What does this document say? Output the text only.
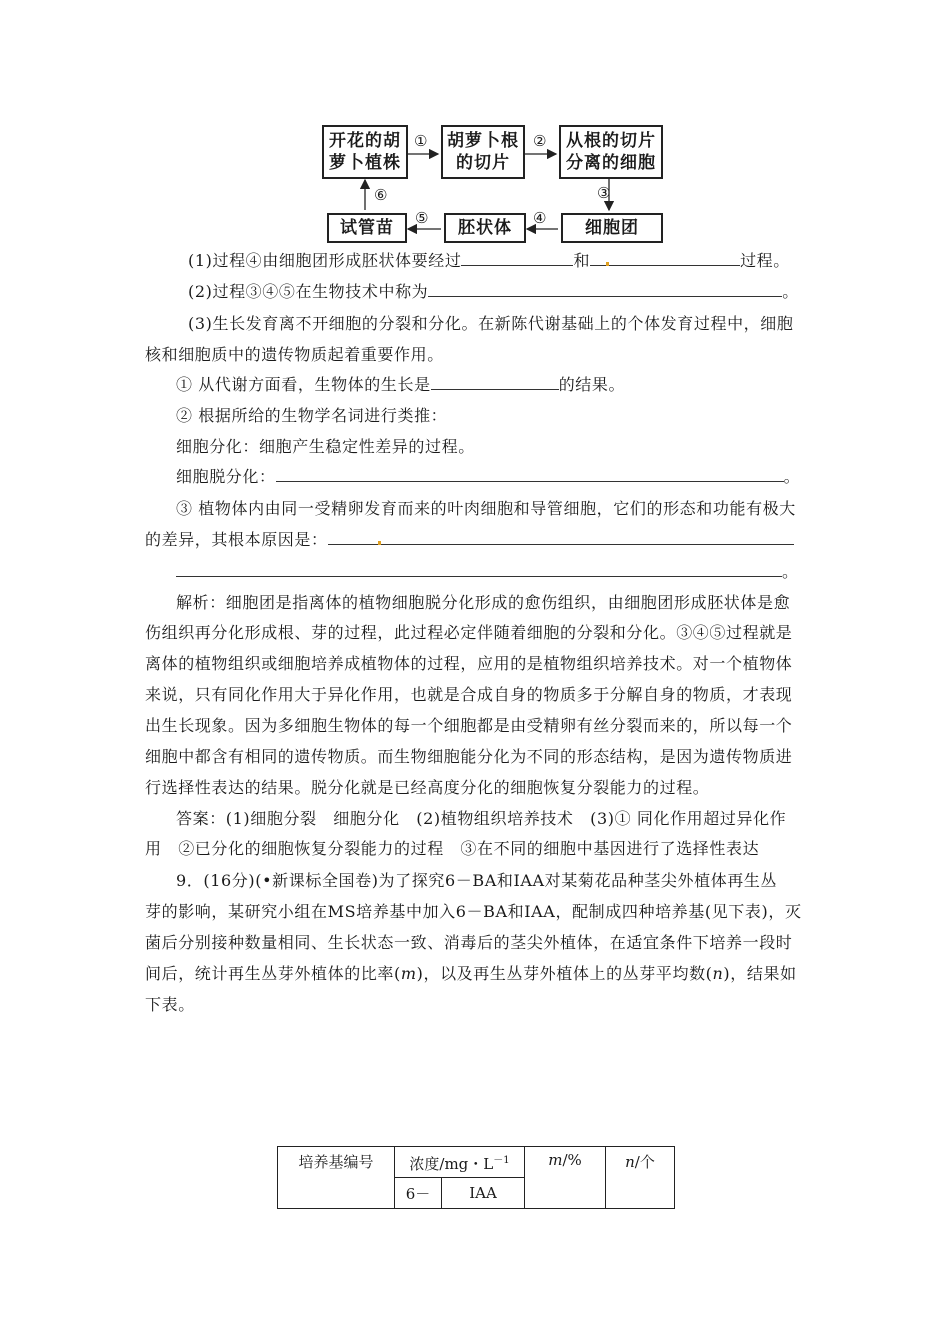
开花的胡
萝卜植株
胡萝卜根
的切片
从根的切片
分离的细胞
细胞团
胚状体
试管苗
①	②
③
④
⑤
⑥
(1)过程④由细胞团形成胚状体要经过	和	过程。
(2)过程③④⑤在生物技术中称为	。
(3)生长发育离不开细胞的分裂和分化。在新陈代谢基础上的个体发育过程中，细胞
核和细胞质中的遗传物质起着重要作用。
① 从代谢方面看，生物体的生长是	的结果。
② 根据所给的生物学名词进行类推：
细胞分化：细胞产生稳定性差异的过程。
细胞脱分化：	。
③ 植物体内由同一受精卵发育而来的叶肉细胞和导管细胞，它们的形态和功能有极大
的差异，其根本原因是：
。
解析：细胞团是指离体的植物细胞脱分化形成的愈伤组织，由细胞团形成胚状体是愈
伤组织再分化形成根、芽的过程，此过程必定伴随着细胞的分裂和分化。③④⑤过程就是
离体的植物组织或细胞培养成植物体的过程，应用的是植物组织培养技术。对一个植物体
来说，只有同化作用大于异化作用，也就是合成自身的物质多于分解自身的物质，才表现
出生长现象。因为多细胞生物体的每一个细胞都是由受精卵有丝分裂而来的，所以每一个
细胞中都含有相同的遗传物质。而生物细胞能分化为不同的形态结构，是因为遗传物质进
行选择性表达的结果。脱分化就是已经高度分化的细胞恢复分裂能力的过程。
答案：(1)细胞分裂　细胞分化　(2)植物组织培养技术　(3)① 同化作用超过异化作
用　②已分化的细胞恢复分裂能力的过程　③在不同的细胞中基因进行了选择性表达
9．(16分)(•新课标全国卷)为了探究6－BA和IAA对某菊花品种茎尖外植体再生丛
芽的影响，某研究小组在MS培养基中加入6－BA和IAA，配制成四种培养基(见下表)，灭
菌后分别接种数量相同、生长状态一致、消毒后的茎尖外植体，在适宜条件下培养一段时
间后，统计再生丛芽外植体的比率(m)，以及再生丛芽外植体上的丛芽平均数(n)，结果如
下表。
培养基编号	浓度/mg・$L^{-1}$		m/%	n/个
	6－	IAA		
